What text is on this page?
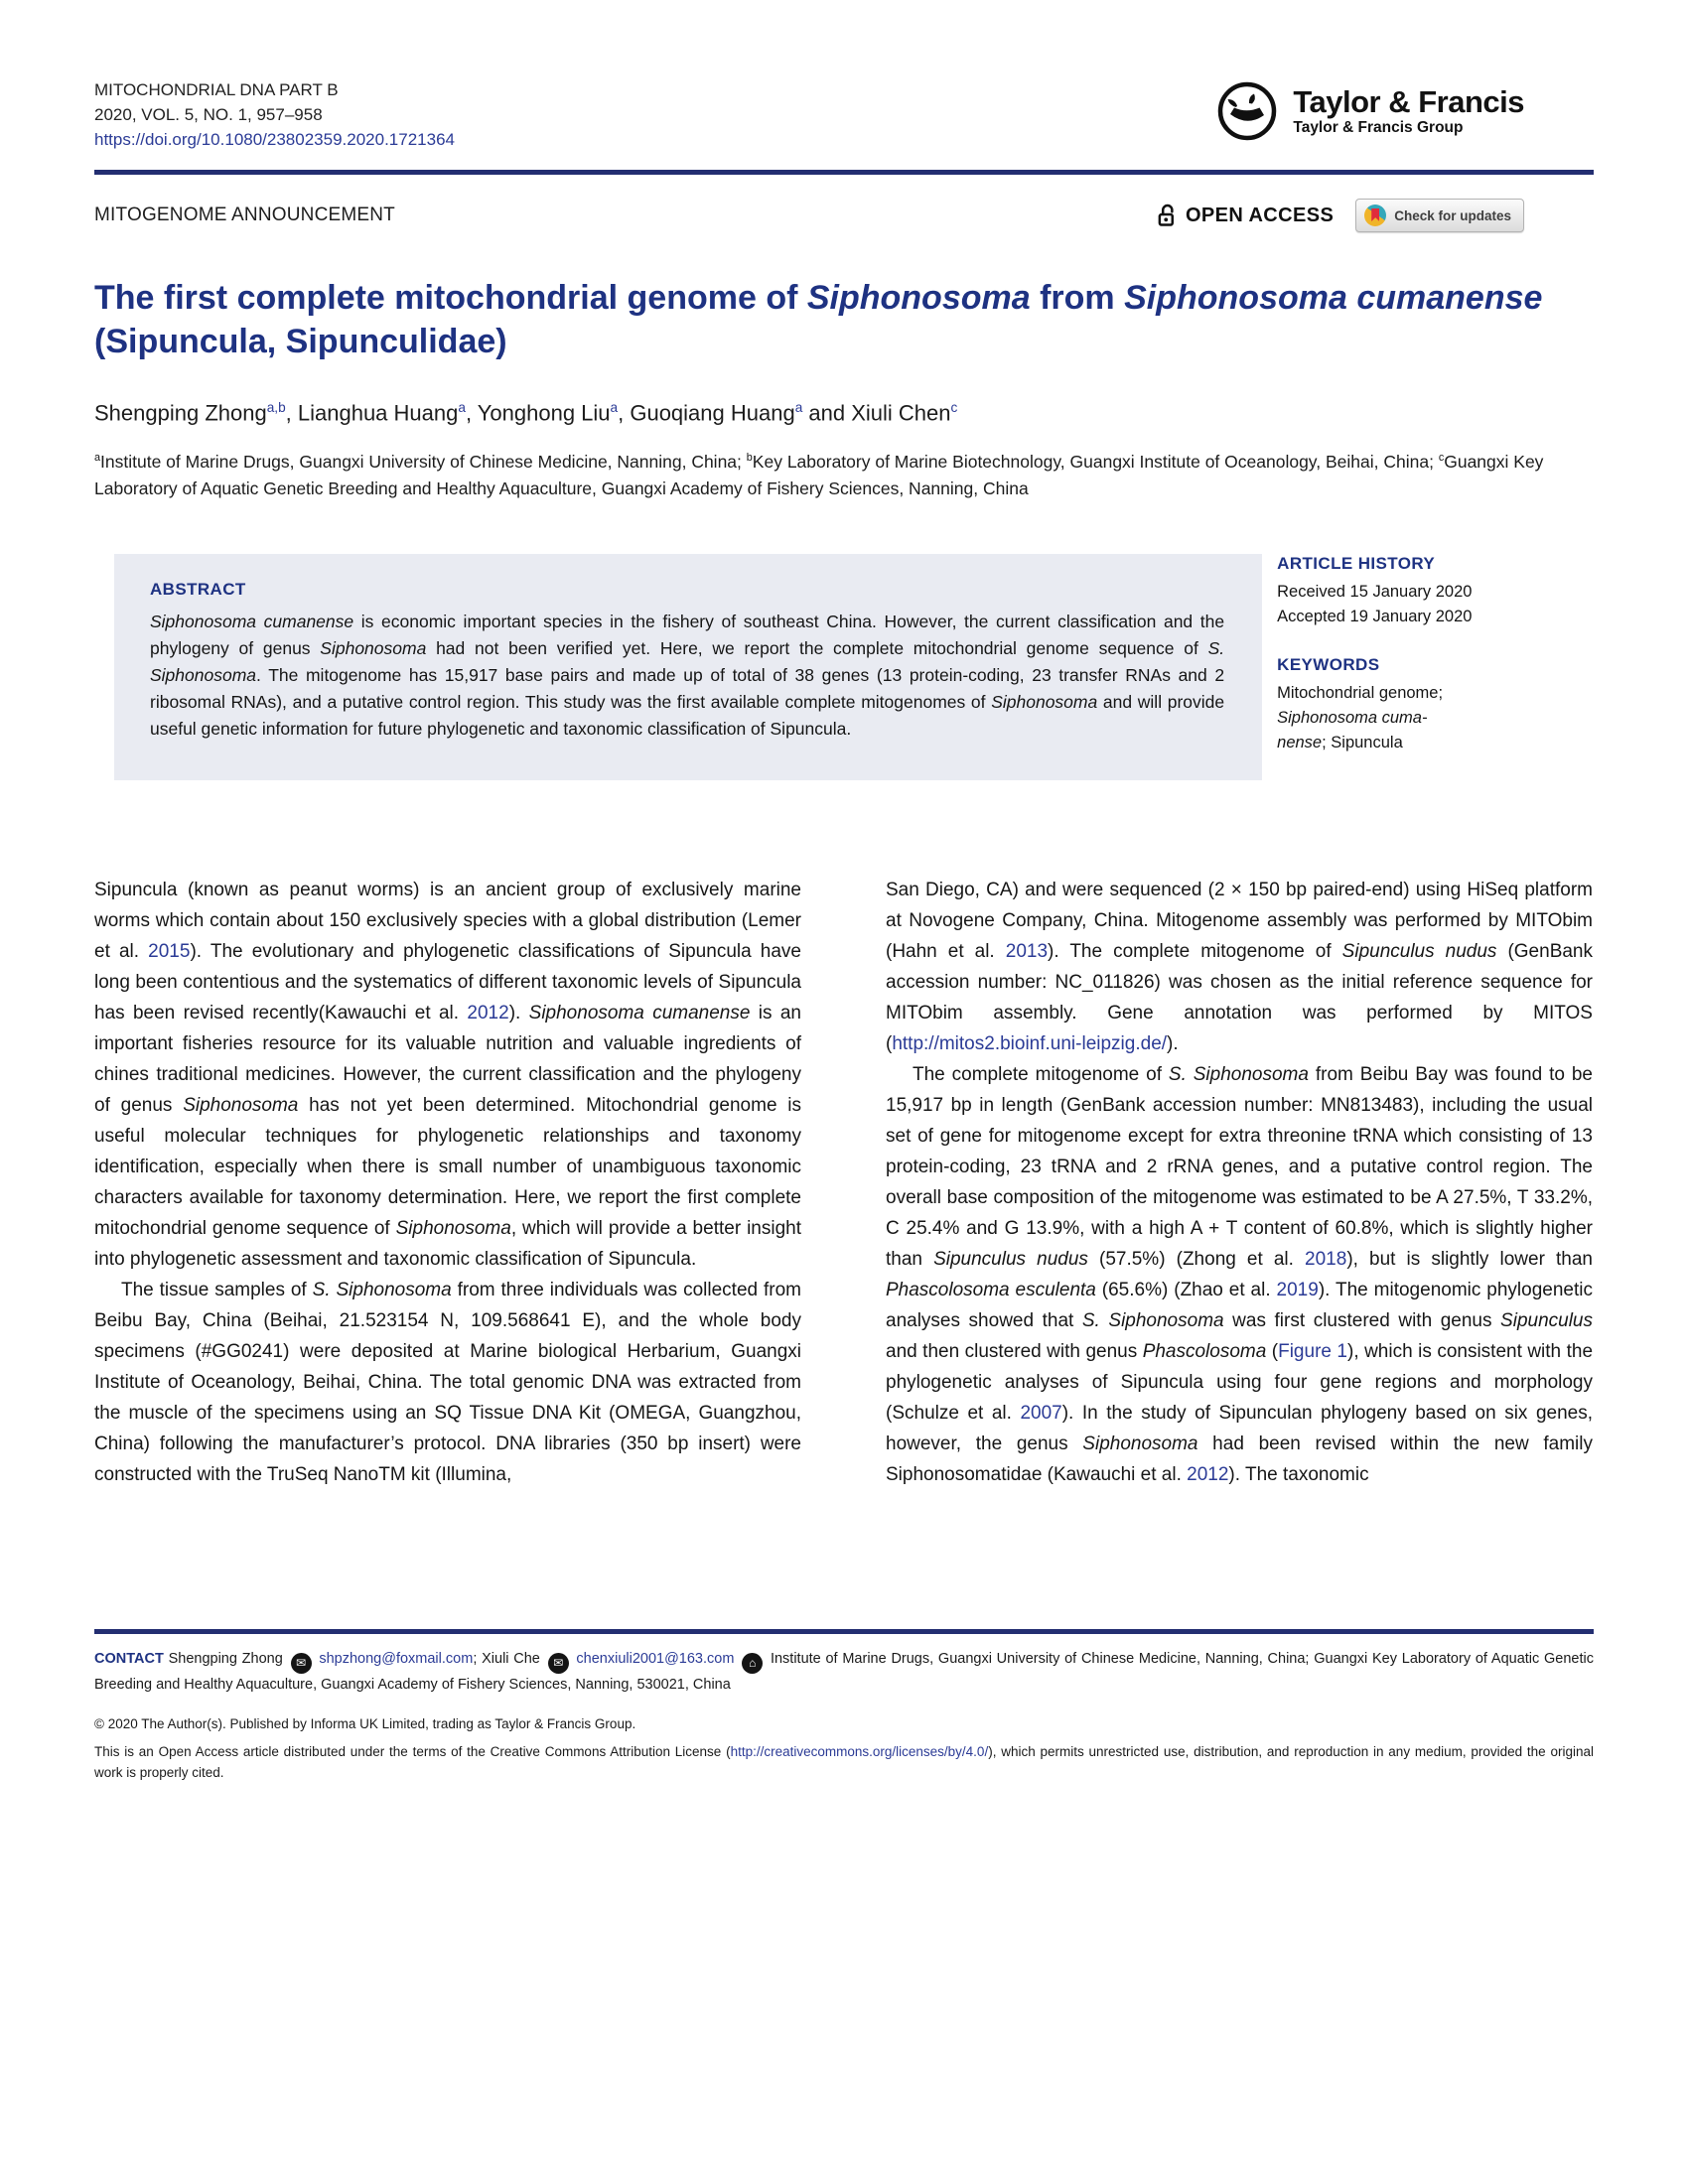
MITOCHONDRIAL DNA PART B
2020, VOL. 5, NO. 1, 957–958
https://doi.org/10.1080/23802359.2020.1721364
Taylor & Francis
Taylor & Francis Group
MITOGENOME ANNOUNCEMENT	OPEN ACCESS	Check for updates
The first complete mitochondrial genome of Siphonosoma from Siphonosoma cumanense (Sipuncula, Sipunculidae)
Shengping Zhong$^{a,b}$, Lianghua Huang$^a$, Yonghong Liu$^a$, Guoqiang Huang$^a$ and Xiuli Chen$^c$
$^a$Institute of Marine Drugs, Guangxi University of Chinese Medicine, Nanning, China; $^b$Key Laboratory of Marine Biotechnology, Guangxi Institute of Oceanology, Beihai, China; $^c$Guangxi Key Laboratory of Aquatic Genetic Breeding and Healthy Aquaculture, Guangxi Academy of Fishery Sciences, Nanning, China
ABSTRACT

Siphonosoma cumanense is economic important species in the fishery of southeast China. However, the current classification and the phylogeny of genus Siphonosoma had not been verified yet. Here, we report the complete mitochondrial genome sequence of S. Siphonosoma. The mitogenome has 15,917 base pairs and made up of total of 38 genes (13 protein-coding, 23 transfer RNAs and 2 ribosomal RNAs), and a putative control region. This study was the first available complete mitogenomes of Siphonosoma and will provide useful genetic information for future phylogenetic and taxonomic classification of Sipuncula.

ARTICLE HISTORY
Received 15 January 2020
Accepted 19 January 2020
KEYWORDS

Mitochondrial genome; Siphonosoma cuma-nense; Sipuncula

Sipuncula (known as peanut worms) is an ancient group of exclusively marine worms which contain about 150 exclusively species with a global distribution (Lemer et al. 2015). The evolutionary and phylogenetic classifications of Sipuncula have long been contentious and the systematics of different taxonomic levels of Sipuncula has been revised recently(Kawauchi et al. 2012). Siphonosoma cumanense is an important fisheries resource for its valuable nutrition and valuable ingredients of chines traditional medicines. However, the current classification and the phylogeny of genus Siphonosoma has not yet been determined. Mitochondrial genome is useful molecular techniques for phylogenetic relationships and taxonomy identification, especially when there is small number of unambiguous taxonomic characters available for taxonomy determination. Here, we report the first complete mitochondrial genome sequence of Siphonosoma, which will provide a better insight into phylogenetic assessment and taxonomic classification of Sipuncula.

The tissue samples of S. Siphonosoma from three individuals was collected from Beibu Bay, China (Beihai, 21.523154 N, 109.568641 E), and the whole body specimens (#GG0241) were deposited at Marine biological Herbarium, Guangxi Institute of Oceanology, Beihai, China. The total genomic DNA was extracted from the muscle of the specimens using an SQ Tissue DNA Kit (OMEGA, Guangzhou, China) following the manufacturer’s protocol. DNA libraries (350 bp insert) were constructed with the TruSeq NanoTM kit (Illumina,

San Diego, CA) and were sequenced (2 × 150 bp paired-end) using HiSeq platform at Novogene Company, China. Mitogenome assembly was performed by MITObim (Hahn et al. 2013). The complete mitogenome of Sipunculus nudus (GenBank accession number: NC_011826) was chosen as the initial reference sequence for MITObim assembly. Gene annotation was performed by MITOS (http://mitos2.bioinf.uni-leipzig.de/).

The complete mitogenome of S. Siphonosoma from Beibu Bay was found to be 15,917 bp in length (GenBank accession number: MN813483), including the usual set of gene for mitogenome except for extra threonine tRNA which consisting of 13 protein-coding, 23 tRNA and 2 rRNA genes, and a putative control region. The overall base composition of the mitogenome was estimated to be A 27.5%, T 33.2%, C 25.4% and G 13.9%, with a high A + T content of 60.8%, which is slightly higher than Sipunculus nudus (57.5%) (Zhong et al. 2018), but is slightly lower than Phascolosoma esculenta (65.6%) (Zhao et al. 2019). The mitogenomic phylogenetic analyses showed that S. Siphonosoma was first clustered with genus Sipunculus and then clustered with genus Phascolosoma (Figure 1), which is consistent with the phylogenetic analyses of Sipuncula using four gene regions and morphology (Schulze et al. 2007). In the study of Sipunculan phylogeny based on six genes, however, the genus Siphonosoma had been revised within the new family Siphonosomatidae (Kawauchi et al. 2012). The taxonomic

CONTACT Shengping Zhong ✉ shpzhong@foxmail.com; Xiuli Che ✉ chenxiuli2001@163.com ⌂ Institute of Marine Drugs, Guangxi University of Chinese Medicine, Nanning, China; Guangxi Key Laboratory of Aquatic Genetic Breeding and Healthy Aquaculture, Guangxi Academy of Fishery Sciences, Nanning, 530021, China

© 2020 The Author(s). Published by Informa UK Limited, trading as Taylor & Francis Group.

This is an Open Access article distributed under the terms of the Creative Commons Attribution License (http://creativecommons.org/licenses/by/4.0/), which permits unrestricted use, distribution, and reproduction in any medium, provided the original work is properly cited.
